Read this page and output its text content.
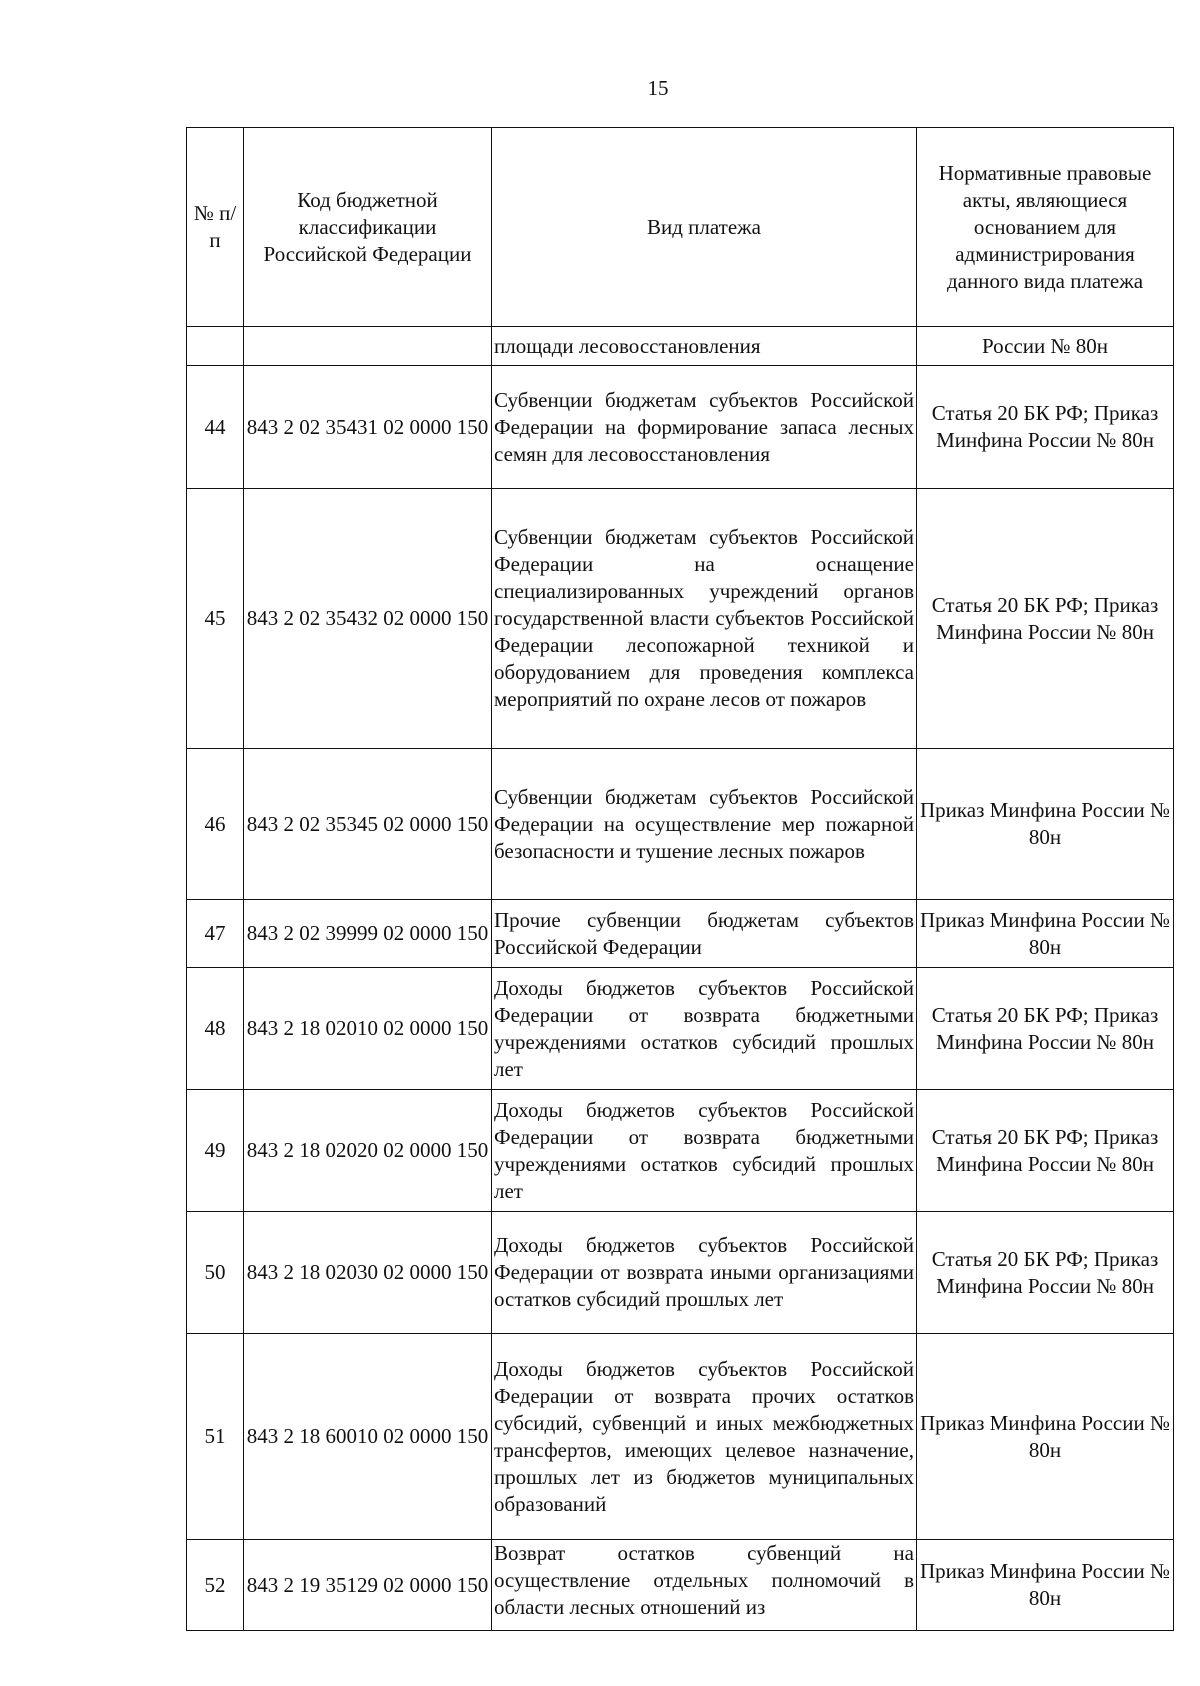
15
№ п/п	Код бюджетной классификации Российской Федерации	Вид платежа	Нормативные правовые акты, являющиеся основанием для администрирования данного вида платежа
		площади лесовосстановления	России № 80н
44	843 2 02 35431 02 0000 150	Субвенции бюджетам субъектов Российской Федерации на формирование запаса лесных семян для лесовосстановления	Статья 20 БК РФ; Приказ Минфина России № 80н
45	843 2 02 35432 02 0000 150	Субвенции бюджетам субъектов Российской Федерации на оснащение специализированных учреждений органов государственной власти субъектов Российской Федерации лесопожарной техникой и оборудованием для проведения комплекса мероприятий по охране лесов от пожаров	Статья 20 БК РФ; Приказ Минфина России № 80н
46	843 2 02 35345 02 0000 150	Субвенции бюджетам субъектов Российской Федерации на осуществление мер пожарной безопасности и тушение лесных пожаров	Приказ Минфина России № 80н
47	843 2 02 39999 02 0000 150	Прочие субвенции бюджетам субъектов Российской Федерации	Приказ Минфина России № 80н
48	843 2 18 02010 02 0000 150	Доходы бюджетов субъектов Российской Федерации от возврата бюджетными учреждениями остатков субсидий прошлых лет	Статья 20 БК РФ; Приказ Минфина России № 80н
49	843 2 18 02020 02 0000 150	Доходы бюджетов субъектов Российской Федерации от возврата бюджетными учреждениями остатков субсидий прошлых лет	Статья 20 БК РФ; Приказ Минфина России № 80н
50	843 2 18 02030 02 0000 150	Доходы бюджетов субъектов Российской Федерации от возврата иными организациями остатков субсидий прошлых лет	Статья 20 БК РФ; Приказ Минфина России № 80н
51	843 2 18 60010 02 0000 150	Доходы бюджетов субъектов Российской Федерации от возврата прочих остатков субсидий, субвенций и иных межбюджетных трансфертов, имеющих целевое назначение, прошлых лет из бюджетов муниципальных образований	Приказ Минфина России № 80н
52	843 2 19 35129 02 0000 150	Возврат остатков субвенций на осуществление отдельных полномочий в области лесных отношений из	Приказ Минфина России № 80н
